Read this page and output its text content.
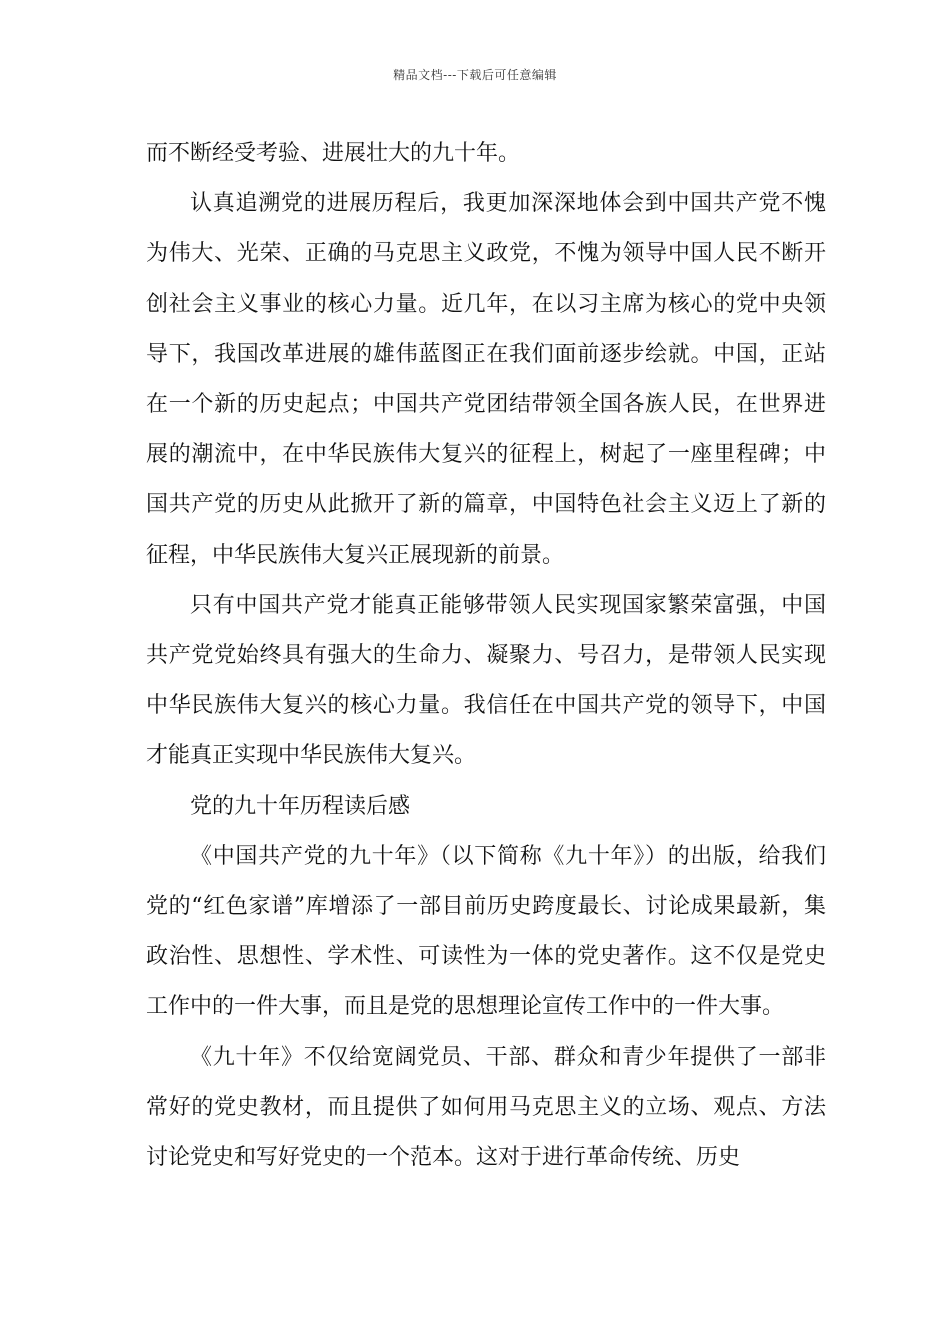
精品文档---下载后可任意编辑

而不断经受考验、进展壮大的九十年。

认真追溯党的进展历程后，我更加深深地体会到中国共产党不愧为伟大、光荣、正确的马克思主义政党，不愧为领导中国人民不断开创社会主义事业的核心力量。近几年，在以习主席为核心的党中央领导下，我国改革进展的雄伟蓝图正在我们面前逐步绘就。中国，正站在一个新的历史起点；中国共产党团结带领全国各族人民，在世界进展的潮流中，在中华民族伟大复兴的征程上，树起了一座里程碑；中国共产党的历史从此掀开了新的篇章，中国特色社会主义迈上了新的征程，中华民族伟大复兴正展现新的前景。

只有中国共产党才能真正能够带领人民实现国家繁荣富强，中国共产党党始终具有强大的生命力、凝聚力、号召力，是带领人民实现中华民族伟大复兴的核心力量。我信任在中国共产党的领导下，中国才能真正实现中华民族伟大复兴。

党的九十年历程读后感

《中国共产党的九十年》（以下简称《九十年》）的出版，给我们党的“红色家谱”库增添了一部目前历史跨度最长、讨论成果最新，集政治性、思想性、学术性、可读性为一体的党史著作。这不仅是党史工作中的一件大事，而且是党的思想理论宣传工作中的一件大事。

《九十年》不仅给宽阔党员、干部、群众和青少年提供了一部非常好的党史教材，而且提供了如何用马克思主义的立场、观点、方法讨论党史和写好党史的一个范本。这对于进行革命传统、历史
